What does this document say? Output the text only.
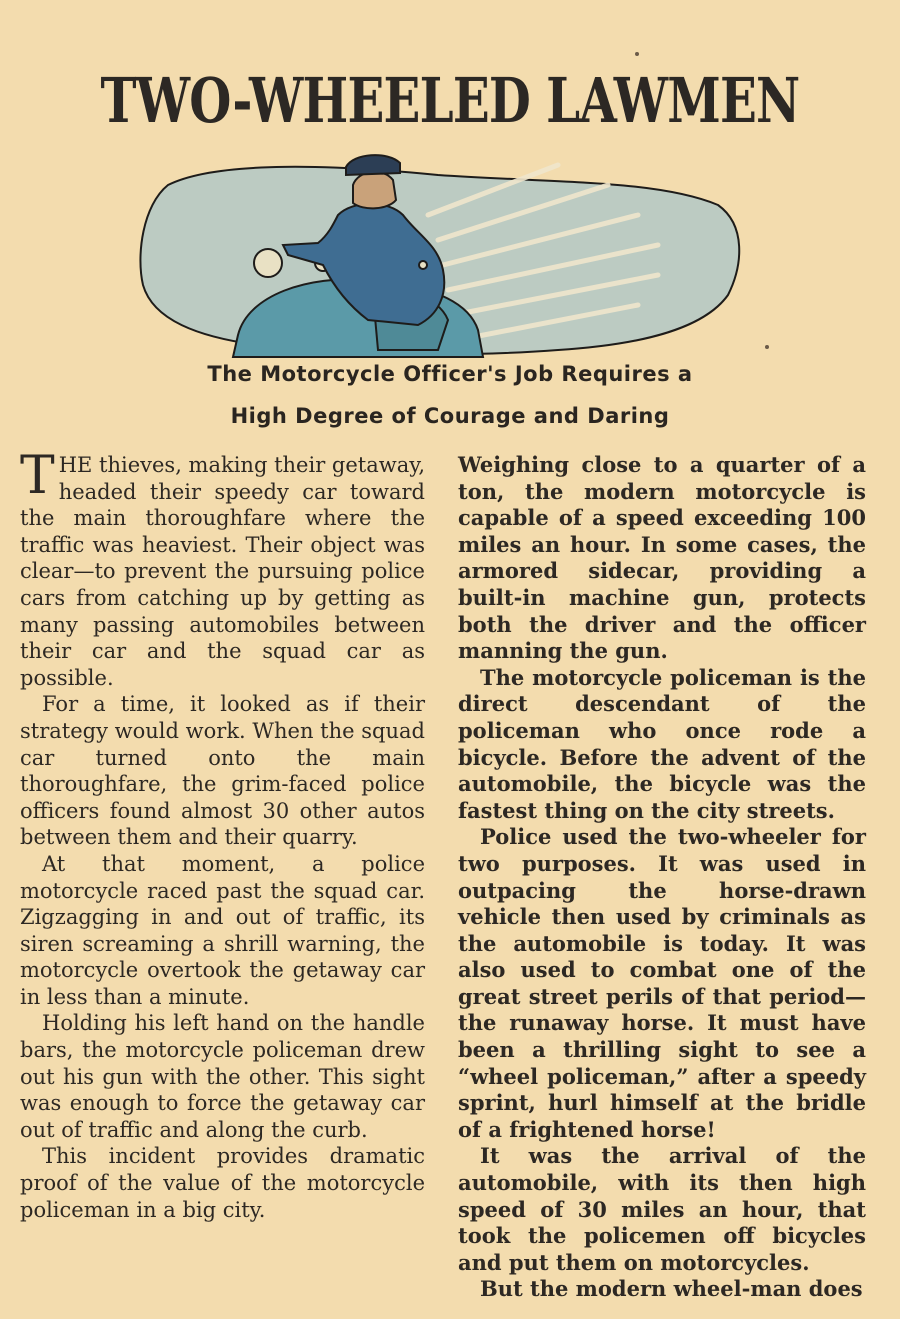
TWO-WHEELED LAWMEN
The Motorcycle Officer's Job Requires a
High Degree of Courage and Daring

THE thieves, making their getaway, headed their speedy car toward the main thoroughfare where the traffic was heaviest. Their object was clear—to prevent the pursuing police cars from catching up by getting as many passing automobiles between their car and the squad car as possible.

For a time, it looked as if their strategy would work. When the squad car turned onto the main thoroughfare, the grim-faced police officers found almost 30 other autos between them and their quarry.

At that moment, a police motorcycle raced past the squad car. Zigzagging in and out of traffic, its siren screaming a shrill warning, the motorcycle overtook the getaway car in less than a minute.

Holding his left hand on the handle bars, the motorcycle policeman drew out his gun with the other. This sight was enough to force the getaway car out of traffic and along the curb.

This incident provides dramatic proof of the value of the motorcycle policeman in a big city.

Weighing close to a quarter of a ton, the modern motorcycle is capable of a speed exceeding 100 miles an hour. In some cases, the armored sidecar, providing a built-in machine gun, protects both the driver and the officer manning the gun.

The motorcycle policeman is the direct descendant of the policeman who once rode a bicycle. Before the advent of the automobile, the bicycle was the fastest thing on the city streets.

Police used the two-wheeler for two purposes. It was used in outpacing the horse-drawn vehicle then used by criminals as the automobile is today. It was also used to combat one of the great street perils of that period—the runaway horse. It must have been a thrilling sight to see a “wheel policeman,” after a speedy sprint, hurl himself at the bridle of a frightened horse!

It was the arrival of the automobile, with its then high speed of 30 miles an hour, that took the policemen off bicycles and put them on motorcycles.

But the modern wheel-man does
